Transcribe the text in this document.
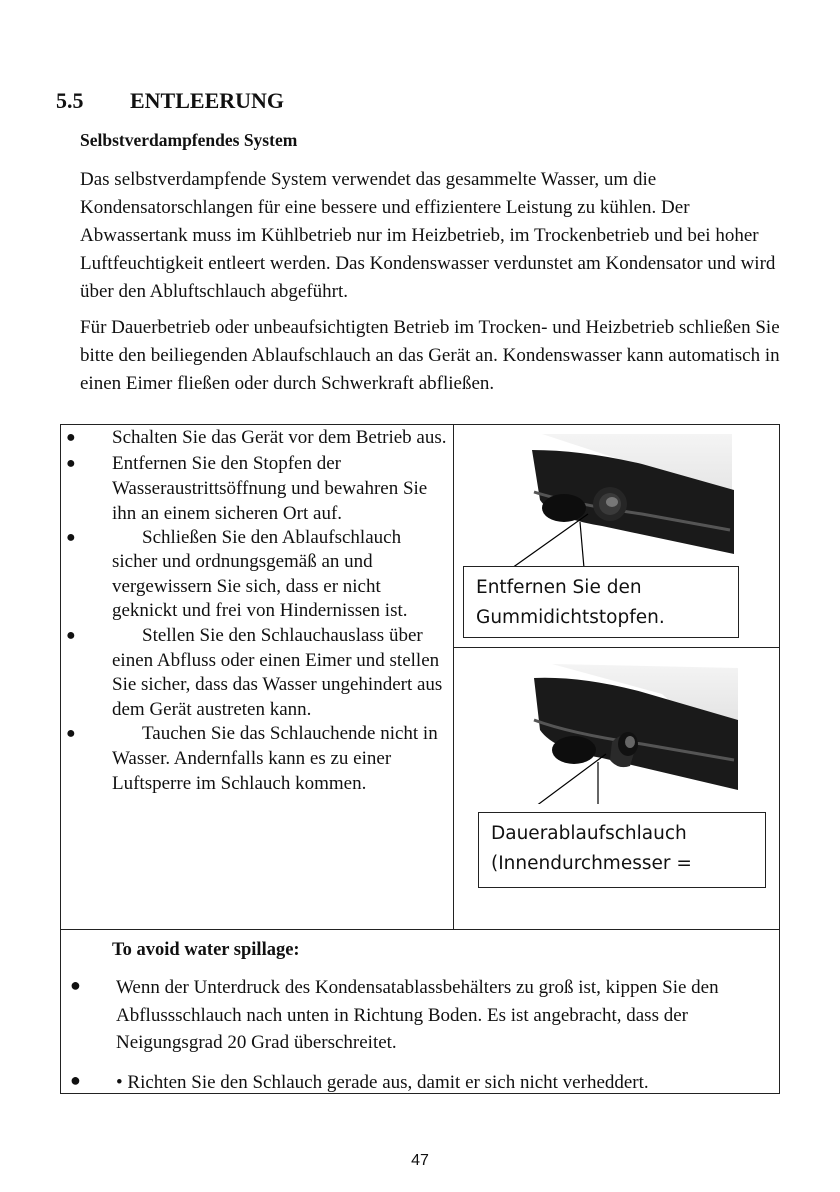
5.5 ENTLEERUNG
Selbstverdampfendes System
Das selbstverdampfende System verwendet das gesammelte Wasser, um die Kondensatorschlangen für eine bessere und effizientere Leistung zu kühlen. Der Abwassertank muss im Kühlbetrieb nur im Heizbetrieb, im Trockenbetrieb und bei hoher Luftfeuchtigkeit entleert werden. Das Kondenswasser verdunstet am Kondensator und wird über den Abluftschlauch abgeführt.
Für Dauerbetrieb oder unbeaufsichtigten Betrieb im Trocken- und Heizbetrieb schließen Sie bitte den beiliegenden Ablaufschlauch an das Gerät an. Kondenswasser kann automatisch in einen Eimer fließen oder durch Schwerkraft abfließen.

● Schalten Sie das Gerät vor dem Betrieb aus.

● Entfernen Sie den Stopfen der Wasseraustrittsöffnung und bewahren Sie ihn an einem sicheren Ort auf.

●	Schließen Sie den Ablaufschlauch sicher und ordnungsgemäß an und vergewissern Sie sich, dass er nicht geknickt und frei von Hindernissen ist.

●	Stellen Sie den Schlauchauslass über einen Abfluss oder einen Eimer und stellen Sie sicher, dass das Wasser ungehindert aus dem Gerät austreten kann.

●	Tauchen Sie das Schlauchende nicht in Wasser. Andernfalls kann es zu einer Luftsperre im Schlauch kommen.

Entfernen Sie den Gummidichtstopfen.
Dauerablaufschlauch (Innendurchmesser =
To avoid water spillage:

● Wenn der Unterdruck des Kondensatablassbehälters zu groß ist, kippen Sie den Abflussschlauch nach unten in Richtung Boden. Es ist angebracht, dass der Neigungsgrad 20 Grad überschreitet.

● • Richten Sie den Schlauch gerade aus, damit er sich nicht verheddert.

47
